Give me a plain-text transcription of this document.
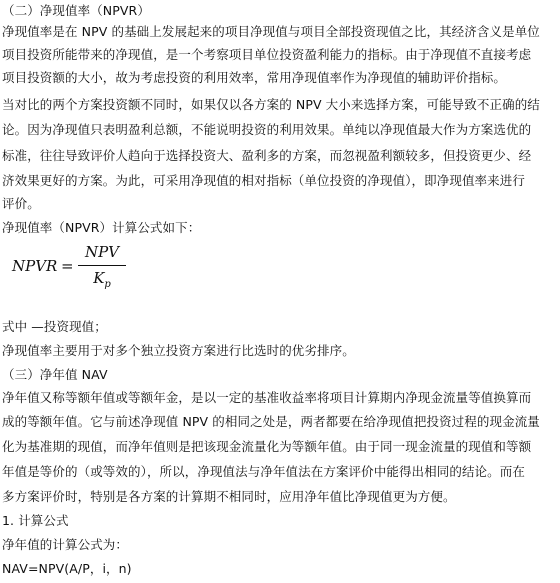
（二）净现值率（NPVR）
净现值率是在 NPV 的基础上发展起来的项目净现值与项目全部投资现值之比，其经济含义是单位
项目投资所能带来的净现值，是一个考察项目单位投资盈利能力的指标。由于净现值不直接考虑
项目投资额的大小，故为考虑投资的利用效率，常用净现值率作为净现值的辅助评价指标。
当对比的两个方案投资额不同时，如果仅以各方案的 NPV 大小来选择方案，可能导致不正确的结
论。因为净现值只表明盈利总额，不能说明投资的利用效果。单纯以净现值最大作为方案选优的
标准，往往导致评价人趋向于选择投资大、盈利多的方案，而忽视盈利额较多，但投资更少、经
济效果更好的方案。为此，可采用净现值的相对指标（单位投资的净现值），即净现值率来进行
评价。
净现值率（NPVR）计算公式如下：
NPVR =
NPV
$K_p$
式中 —投资现值；
净现值率主要用于对多个独立投资方案进行比选时的优劣排序。
（三）净年值 NAV
净年值又称等额年值或等额年金，是以一定的基准收益率将项目计算期内净现金流量等值换算而
成的等额年值。它与前述净现值 NPV 的相同之处是，两者都要在给净现值把投资过程的现金流量
化为基准期的现值，而净年值则是把该现金流量化为等额年值。由于同一现金流量的现值和等额
年值是等价的（或等效的），所以，净现值法与净年值法在方案评价中能得出相同的结论。而在
多方案评价时，特别是各方案的计算期不相同时，应用净年值比净现值更为方便。
1. 计算公式
净年值的计算公式为：
NAV=NPV(A/P，i，n)
